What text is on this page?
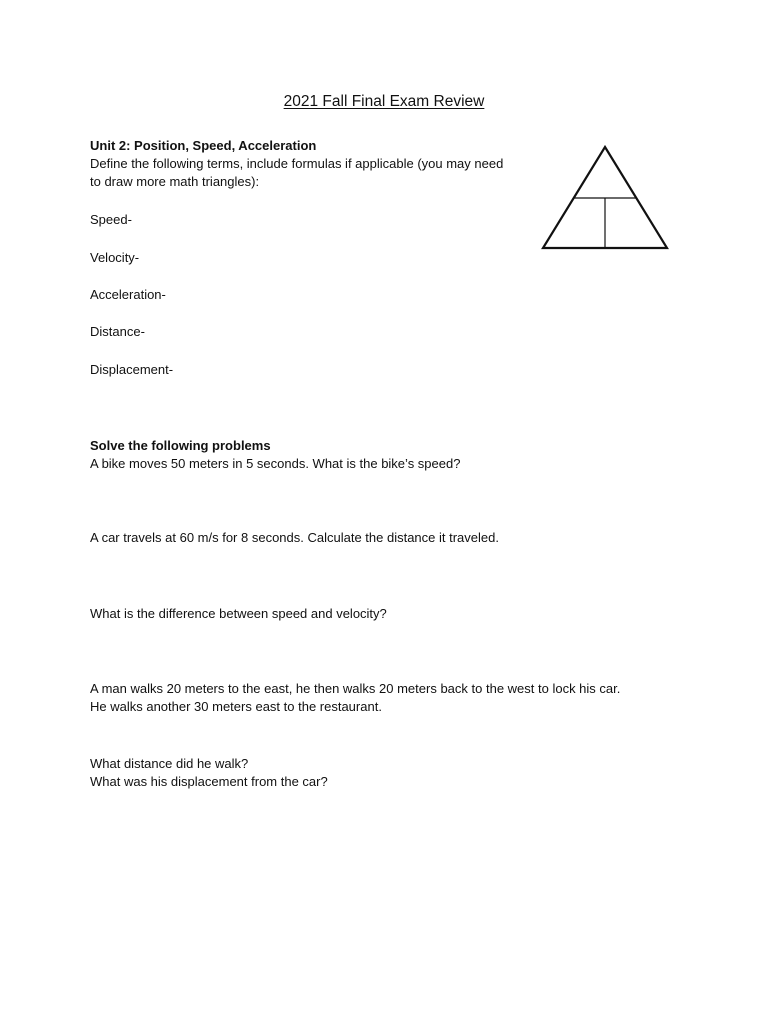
2021 Fall Final Exam Review
Unit 2: Position, Speed, Acceleration
Define the following terms, include formulas if applicable (you may need
to draw more math triangles):
Speed-
Velocity-
Acceleration-
Distance-
Displacement-
Solve the following problems
A bike moves 50 meters in 5 seconds. What is the bike’s speed?
A car travels at 60 m/s for 8 seconds. Calculate the distance it traveled.
What is the difference between speed and velocity?
A man walks 20 meters to the east, he then walks 20 meters back to the west to lock his car.
He walks another 30 meters east to the restaurant.
What distance did he walk?
What was his displacement from the car?
